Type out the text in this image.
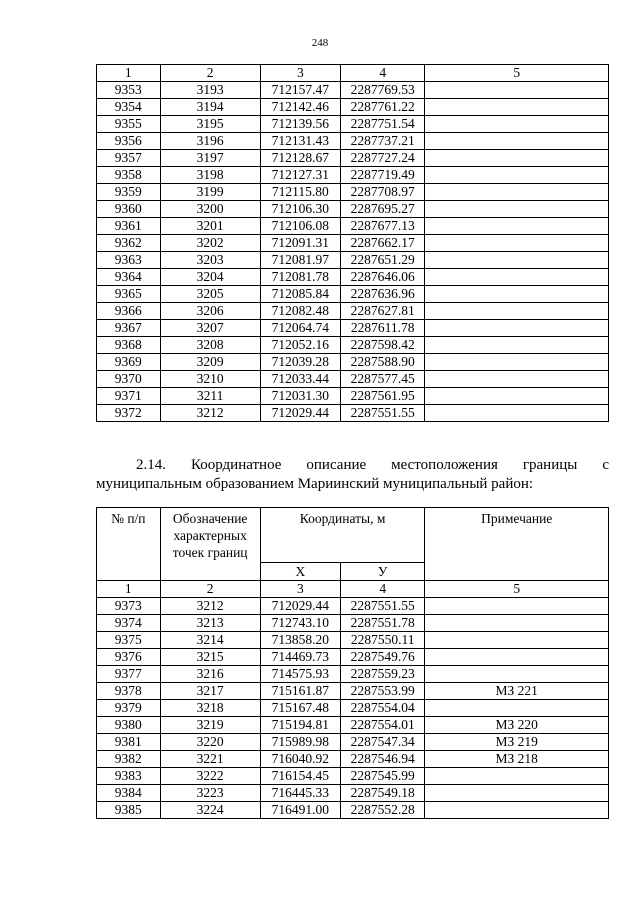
248
1	2	3	4	5
9353	3193	712157.47	2287769.53	
9354	3194	712142.46	2287761.22	
9355	3195	712139.56	2287751.54	
9356	3196	712131.43	2287737.21	
9357	3197	712128.67	2287727.24	
9358	3198	712127.31	2287719.49	
9359	3199	712115.80	2287708.97	
9360	3200	712106.30	2287695.27	
9361	3201	712106.08	2287677.13	
9362	3202	712091.31	2287662.17	
9363	3203	712081.97	2287651.29	
9364	3204	712081.78	2287646.06	
9365	3205	712085.84	2287636.96	
9366	3206	712082.48	2287627.81	
9367	3207	712064.74	2287611.78	
9368	3208	712052.16	2287598.42	
9369	3209	712039.28	2287588.90	
9370	3210	712033.44	2287577.45	
9371	3211	712031.30	2287561.95	
9372	3212	712029.44	2287551.55	
2.14. Координатное описание местоположения границы с
муниципальным образованием Мариинский муниципальный район:
№ п/п	Обозначение характерных точек границ	Координаты, м		Примечание
		Х	У	
1	2	3	4	5
9373	3212	712029.44	2287551.55	
9374	3213	712743.10	2287551.78	
9375	3214	713858.20	2287550.11	
9376	3215	714469.73	2287549.76	
9377	3216	714575.93	2287559.23	
9378	3217	715161.87	2287553.99	МЗ 221
9379	3218	715167.48	2287554.04	
9380	3219	715194.81	2287554.01	МЗ 220
9381	3220	715989.98	2287547.34	МЗ 219
9382	3221	716040.92	2287546.94	МЗ 218
9383	3222	716154.45	2287545.99	
9384	3223	716445.33	2287549.18	
9385	3224	716491.00	2287552.28	
